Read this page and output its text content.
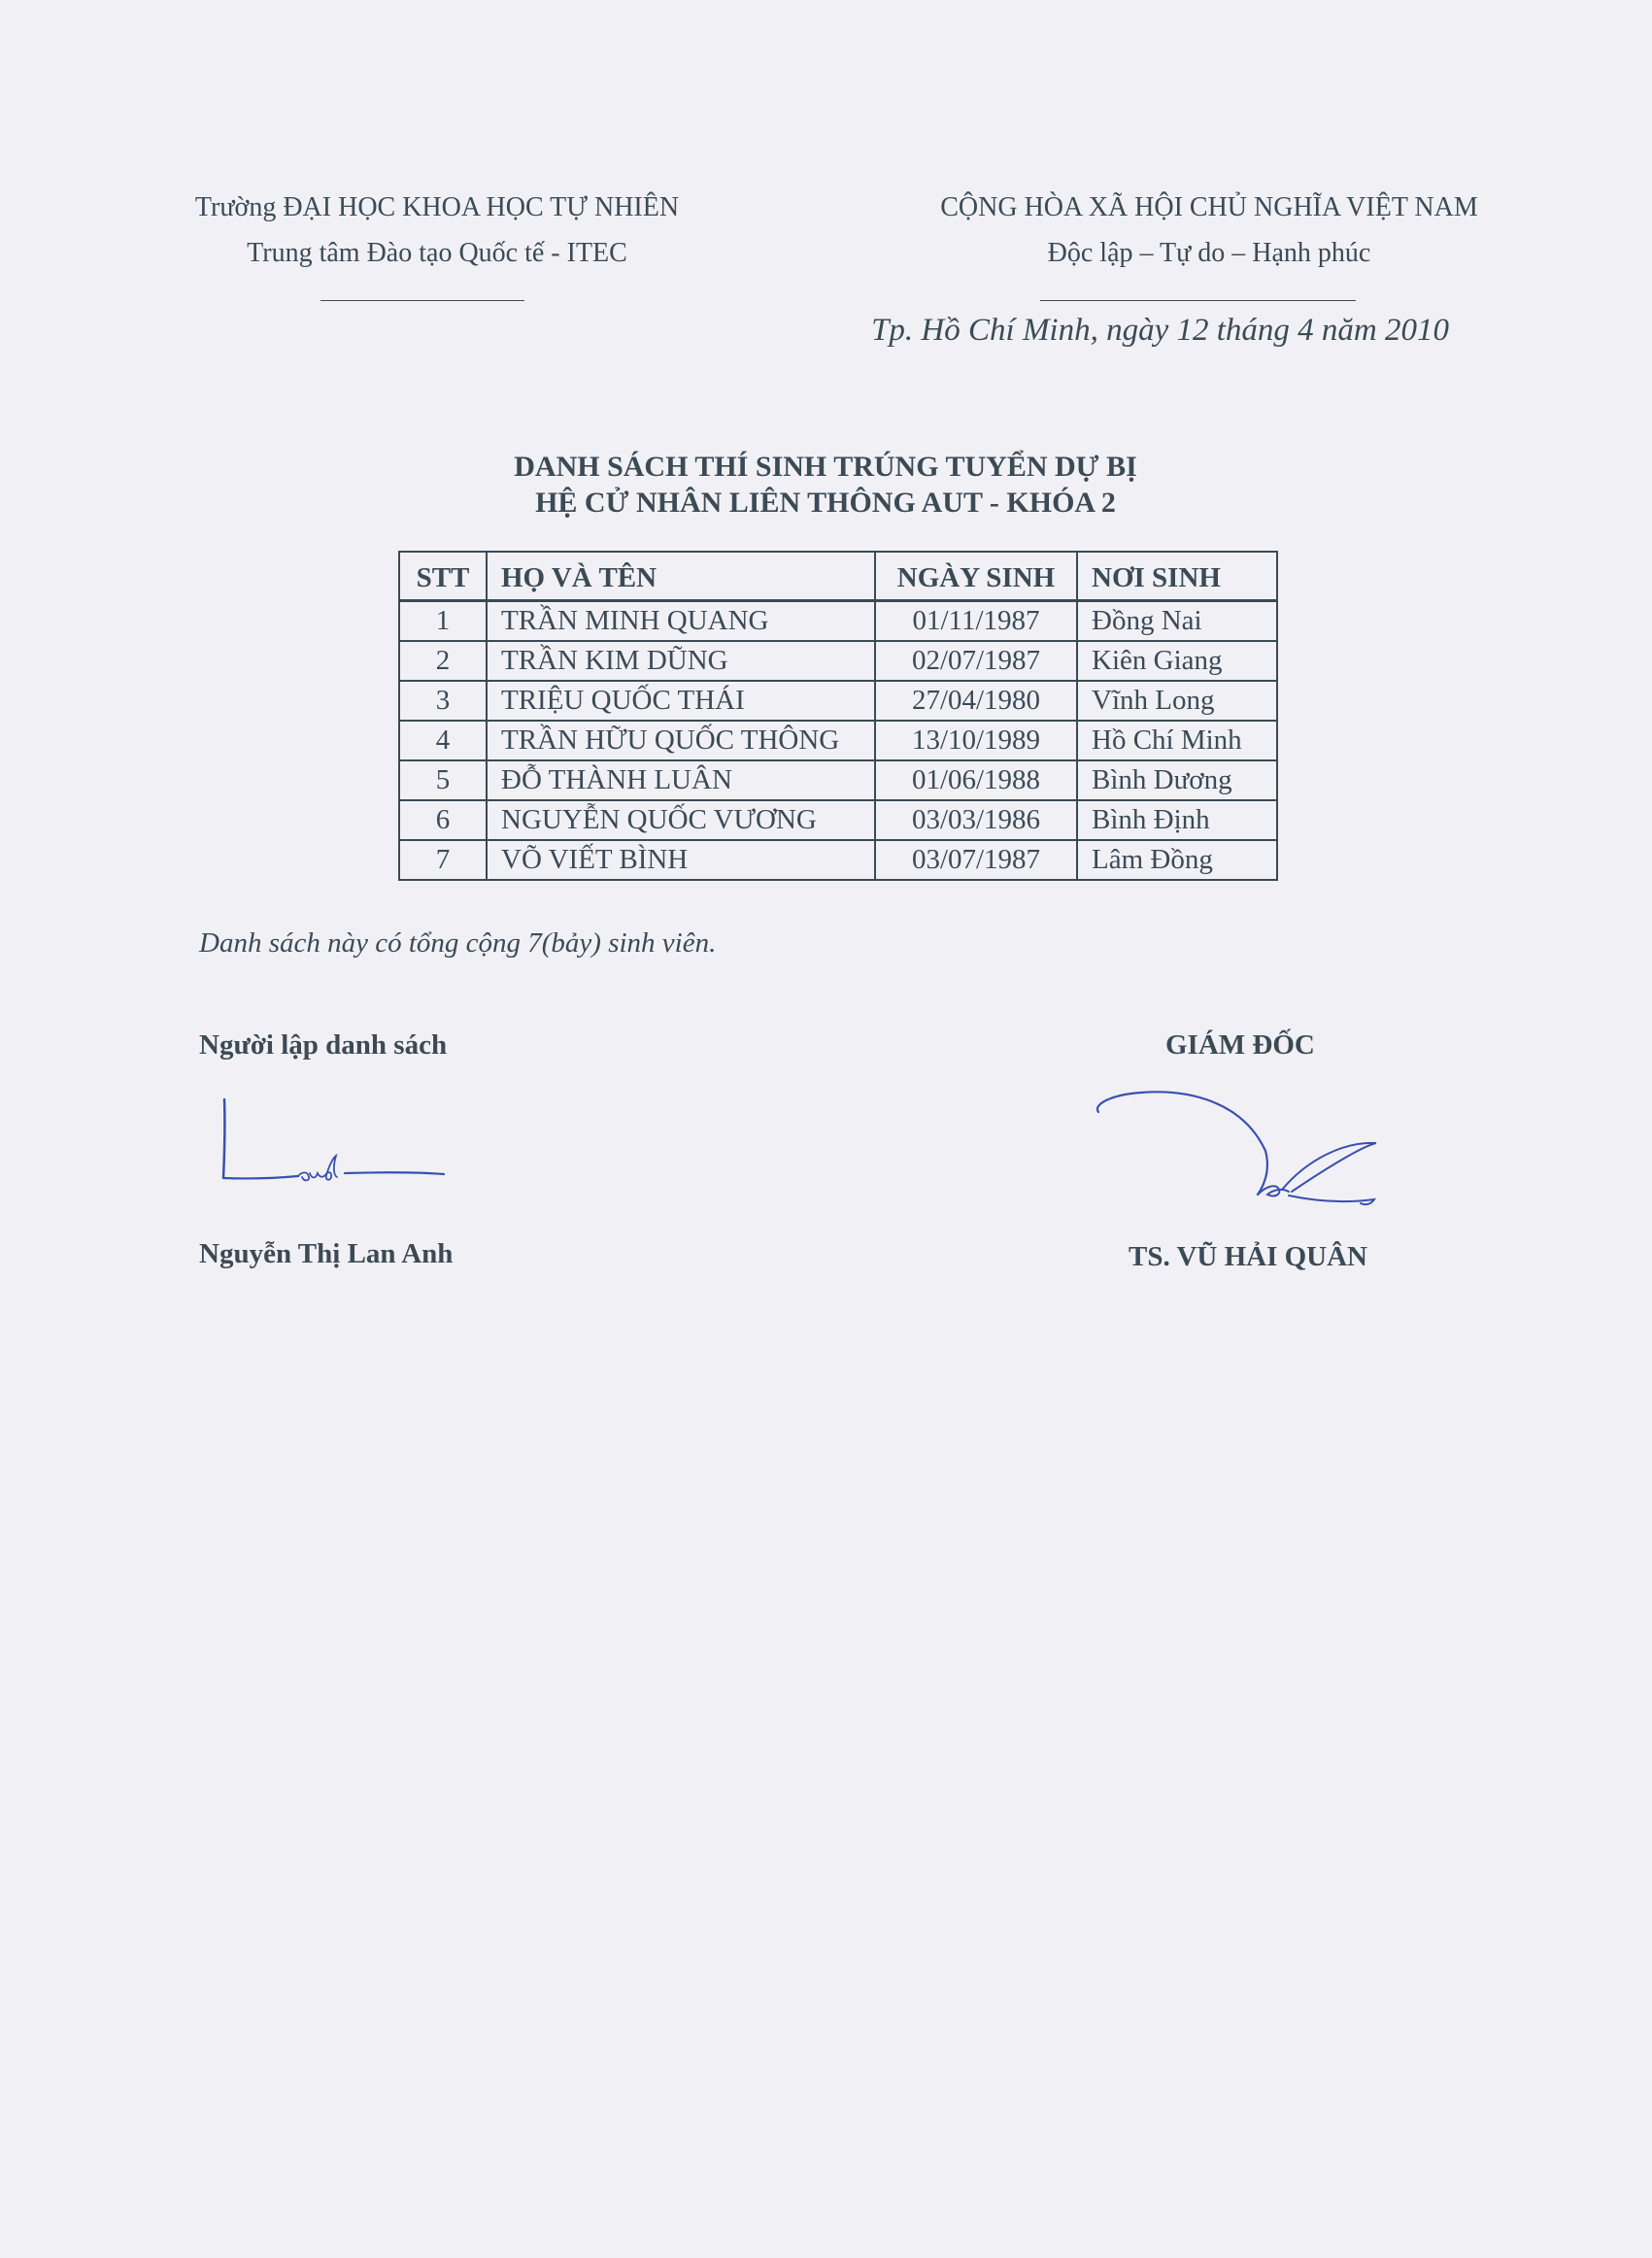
Trường ĐẠI HỌC KHOA HỌC TỰ NHIÊN
Trung tâm Đào tạo Quốc tế - ITEC
CỘNG HÒA XÃ HỘI CHỦ NGHĨA VIỆT NAM
Độc lập – Tự do – Hạnh phúc
Tp. Hồ Chí Minh, ngày 12 tháng 4 năm 2010
DANH SÁCH THÍ SINH TRÚNG TUYỂN DỰ BỊ
HỆ CỬ NHÂN LIÊN THÔNG AUT - KHÓA 2
STT	HỌ VÀ TÊN	NGÀY SINH	NƠI SINH
1	TRẦN MINH QUANG	01/11/1987	Đồng Nai
2	TRẦN KIM DŨNG	02/07/1987	Kiên Giang
3	TRIỆU QUỐC THÁI	27/04/1980	Vĩnh Long
4	TRẦN HỮU QUỐC THÔNG	13/10/1989	Hồ Chí Minh
5	ĐỖ THÀNH LUÂN	01/06/1988	Bình Dương
6	NGUYỄN QUỐC VƯƠNG	03/03/1986	Bình Định
7	VÕ VIẾT BÌNH	03/07/1987	Lâm Đồng
Danh sách này có tổng cộng 7(bảy) sinh viên.
Người lập danh sách	GIÁM ĐỐC
Nguyễn Thị Lan Anh	TS. VŨ HẢI QUÂN
